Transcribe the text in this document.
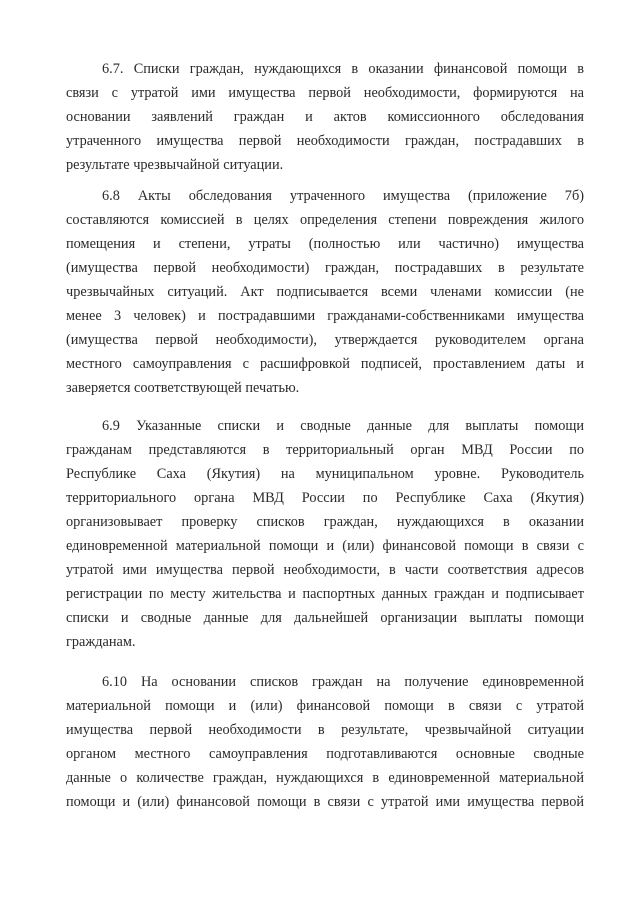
6.7. Списки граждан, нуждающихся в оказании финансовой помощи в
связи с утратой ими имущества первой необходимости, формируются на
основании заявлений граждан и актов комиссионного обследования
утраченного имущества первой необходимости граждан, пострадавших в
результате чрезвычайной ситуации.
6.8 Акты обследования утраченного имущества (приложение 7б)
составляются комиссией в целях определения степени повреждения жилого
помещения и степени, утраты (полностью или частично) имущества
(имущества первой необходимости) граждан, пострадавших в результате
чрезвычайных ситуаций. Акт подписывается всеми членами комиссии (не
менее 3 человек) и пострадавшими гражданами-собственниками имущества
(имущества первой необходимости), утверждается руководителем органа
местного самоуправления с расшифровкой подписей, проставлением даты и
заверяется соответствующей печатью.
6.9 Указанные списки и сводные данные для выплаты помощи
гражданам представляются в территориальный орган МВД России по
Республике Саха (Якутия) на муниципальном уровне. Руководитель
территориального органа МВД России по Республике Саха (Якутия)
организовывает проверку списков граждан, нуждающихся в оказании
единовременной материальной помощи и (или) финансовой помощи в связи с
утратой ими имущества первой необходимости, в части соответствия адресов
регистрации по месту жительства и паспортных данных граждан и подписывает
списки и сводные данные для дальнейшей организации выплаты помощи
гражданам.
6.10 На основании списков граждан на получение единовременной
материальной помощи и (или) финансовой помощи в связи с утратой
имущества первой необходимости в результате, чрезвычайной ситуации
органом местного самоуправления подготавливаются основные сводные
данные о количестве граждан, нуждающихся в единовременной материальной
помощи и (или) финансовой помощи в связи с утратой ими имущества первой
